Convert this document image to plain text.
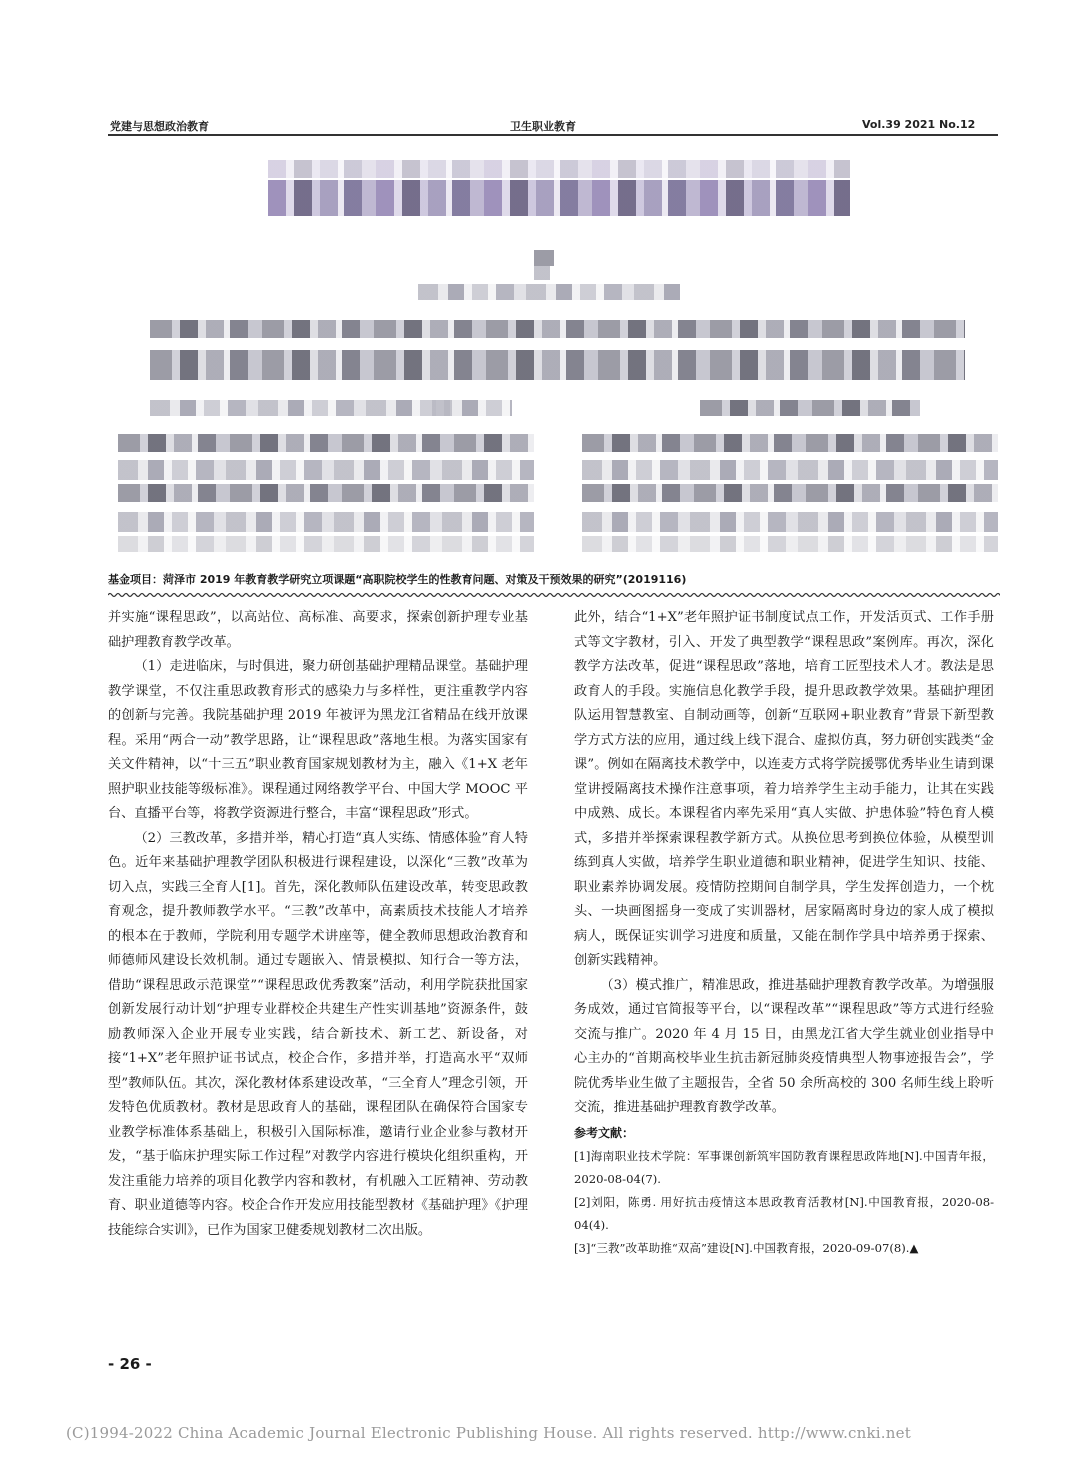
党建与思想政治教育	卫生职业教育	Vol.39 2021 No.12
基金项目：菏泽市 2019 年教育教学研究立项课题“高职院校学生的性教育问题、对策及干预效果的研究”(2019116)

并实施“课程思政”，以高站位、高标准、高要求，探索创新护理专业基础护理教育教学改革。

（1）走进临床，与时俱进，聚力研创基础护理精品课堂。基础护理教学课堂，不仅注重思政教育形式的感染力与多样性，更注重教学内容的创新与完善。我院基础护理 2019 年被评为黑龙江省精品在线开放课程。采用“两合一动”教学思路，让“课程思政”落地生根。为落实国家有关文件精神，以“十三五”职业教育国家规划教材为主，融入《1+X 老年照护职业技能等级标准》。课程通过网络教学平台、中国大学 MOOC 平台、直播平台等，将教学资源进行整合，丰富“课程思政”形式。

（2）三教改革，多措并举，精心打造“真人实练、情感体验”育人特色。近年来基础护理教学团队积极进行课程建设，以深化“三教”改革为切入点，实践三全育人[1]。首先，深化教师队伍建设改革，转变思政教育观念，提升教师教学水平。“三教”改革中，高素质技术技能人才培养的根本在于教师，学院利用专题学术讲座等，健全教师思想政治教育和师德师风建设长效机制。通过专题嵌入、情景模拟、知行合一等方法，借助“课程思政示范课堂”“课程思政优秀教案”活动，利用学院获批国家创新发展行动计划“护理专业群校企共建生产性实训基地”资源条件，鼓励教师深入企业开展专业实践，结合新技术、新工艺、新设备，对接“1+X”老年照护证书试点，校企合作，多措并举，打造高水平“双师型”教师队伍。其次，深化教材体系建设改革，“三全育人”理念引领，开发特色优质教材。教材是思政育人的基础，课程团队在确保符合国家专业教学标准体系基础上，积极引入国际标准，邀请行业企业参与教材开发，“基于临床护理实际工作过程”对教学内容进行模块化组织重构，开发注重能力培养的项目化教学内容和教材，有机融入工匠精神、劳动教育、职业道德等内容。校企合作开发应用技能型教材《基础护理》《护理技能综合实训》，已作为国家卫健委规划教材二次出版。

此外，结合“1+X”老年照护证书制度试点工作，开发活页式、工作手册式等文字教材，引入、开发了典型教学“课程思政”案例库。再次，深化教学方法改革，促进“课程思政”落地，培育工匠型技术人才。教法是思政育人的手段。实施信息化教学手段，提升思政教学效果。基础护理团队运用智慧教室、自制动画等，创新“互联网+职业教育”背景下新型教学方式方法的应用，通过线上线下混合、虚拟仿真，努力研创实践类“金课”。例如在隔离技术教学中，以连麦方式将学院援鄂优秀毕业生请到课堂讲授隔离技术操作注意事项，着力培养学生主动手能力，让其在实践中成熟、成长。本课程省内率先采用“真人实做、护患体验”特色育人模式，多措并举探索课程教学新方式。从换位思考到换位体验，从模型训练到真人实做，培养学生职业道德和职业精神，促进学生知识、技能、职业素养协调发展。疫情防控期间自制学具，学生发挥创造力，一个枕头、一块画图摇身一变成了实训器材，居家隔离时身边的家人成了模拟病人，既保证实训学习进度和质量，又能在制作学具中培养勇于探索、创新实践精神。

（3）模式推广，精准思政，推进基础护理教育教学改革。为增强服务成效，通过官简报等平台，以“课程改革”“课程思政”等方式进行经验交流与推广。2020 年 4 月 15 日，由黑龙江省大学生就业创业指导中心主办的“首期高校毕业生抗击新冠肺炎疫情典型人物事迹报告会”，学院优秀毕业生做了主题报告，全省 50 余所高校的 300 名师生线上聆听交流，推进基础护理教育教学改革。

参考文献：

[1]海南职业技术学院：军事课创新筑牢国防教育课程思政阵地[N].中国青年报，2020-08-04(7).

[2]刘阳，陈勇. 用好抗击疫情这本思政教育活教材[N].中国教育报，2020-08-04(4).

[3]“三教”改革助推“双高”建设[N].中国教育报，2020-09-07(8).▲

- 26 -
(C)1994-2022 China Academic Journal Electronic Publishing House. All rights reserved. http://www.cnki.net
